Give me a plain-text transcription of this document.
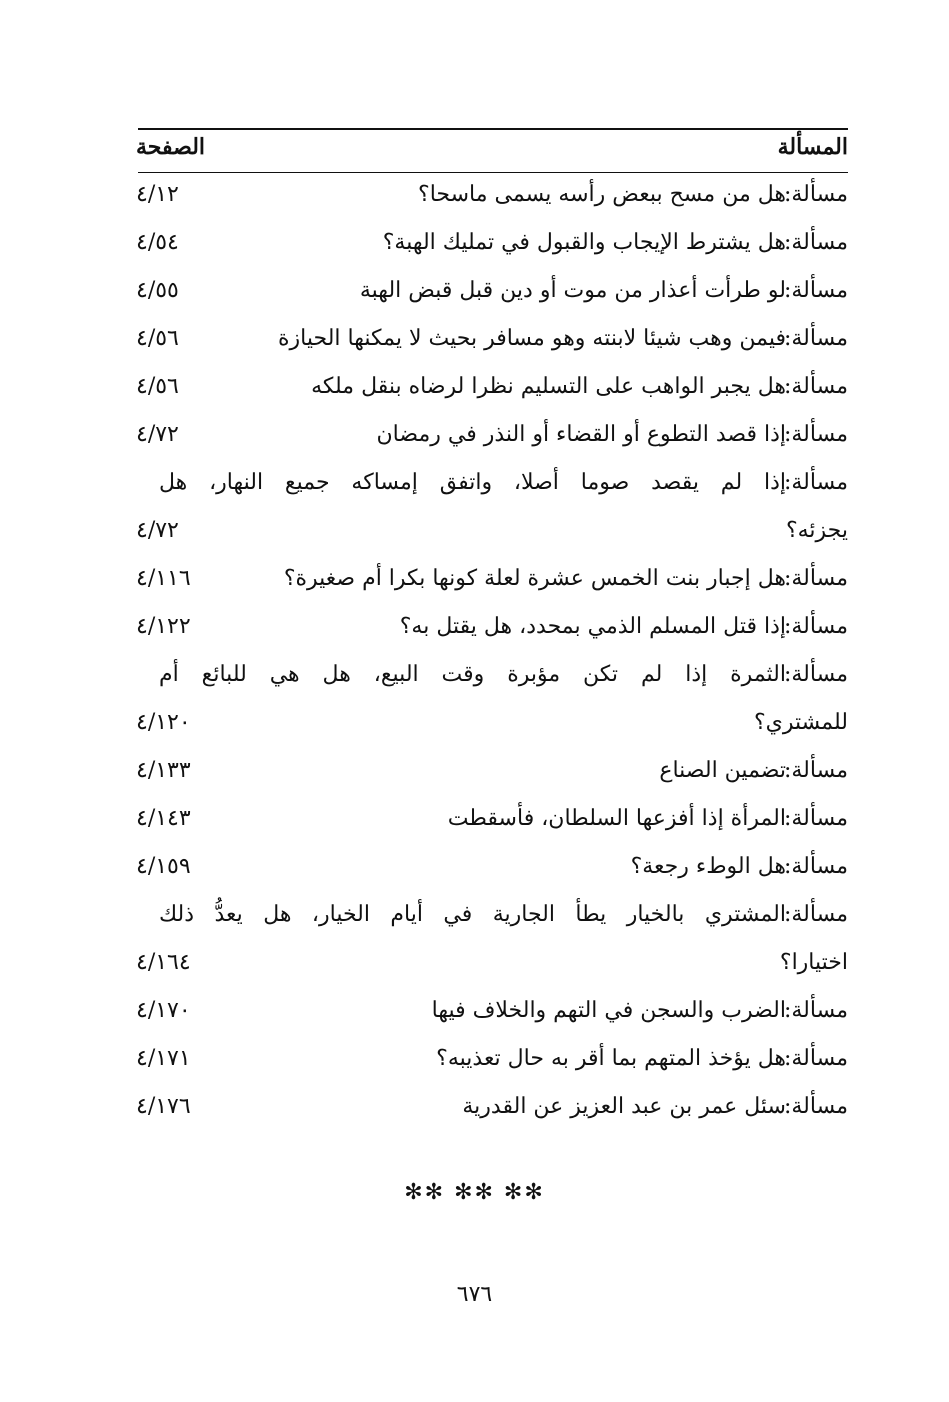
المسألة
الصفحة
مسألة:
هل من مسح ببعض رأسه يسمى ماسحا؟
٤/١٢
مسألة:
هل يشترط الإيجاب والقبول في تمليك الهبة؟
٤/٥٤
مسألة:
لو طرأت أعذار من موت أو دين قبل قبض الهبة
٤/٥٥
مسألة:
فيمن وهب شيئا لابنته وهو مسافر بحيث لا يمكنها الحيازة
٤/٥٦
مسألة:
هل يجبر الواهب على التسليم نظرا لرضاه بنقل ملكه
٤/٥٦
مسألة:
إذا قصد التطوع أو القضاء أو النذر في رمضان
٤/٧٢
مسألة:
إذا لم يقصد صوما أصلا، واتفق إمساكه جميع النهار، هل
يجزئه؟
٤/٧٢
مسألة:
هل إجبار بنت الخمس عشرة لعلة كونها بكرا أم صغيرة؟
٤/١١٦
مسألة:
إذا قتل المسلم الذمي بمحدد، هل يقتل به؟
٤/١٢٢
مسألة:
الثمرة إذا لم تكن مؤبرة وقت البيع، هل هي للبائع أم
للمشتري؟
٤/١٢٠
مسألة:
تضمين الصناع
٤/١٣٣
مسألة:
المرأة إذا أفزعها السلطان، فأسقطت
٤/١٤٣
مسألة:
هل الوطء رجعة؟
٤/١٥٩
مسألة:
المشتري بالخيار يطأ الجارية في أيام الخيار، هل يعدُّ ذلك
اختيارا؟
٤/١٦٤
مسألة:
الضرب والسجن في التهم والخلاف فيها
٤/١٧٠
مسألة:
هل يؤخذ المتهم بما أقر به حال تعذيبه؟
٤/١٧١
مسألة:
سئل عمر بن عبد العزيز عن القدرية
٤/١٧٦
✻✻ ✻✻ ✻✻
٦٧٦
